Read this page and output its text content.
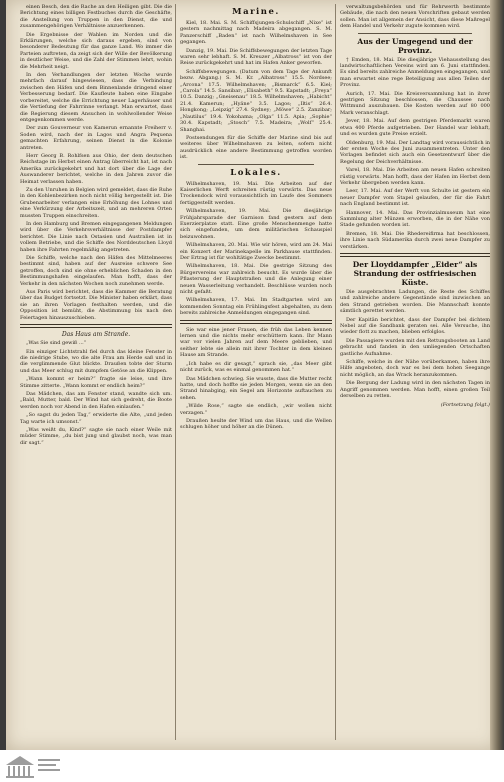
einen Besch, den die Rache an den Heiligen gibt. Die die Berichtung eines billigen Festbuches durch die Geschäfte, die Anstellung von Truppen in den Dienst, die und zusammengehörigen Verhältnisse anzuerkennen.

Die Ergebnisse der Wahlen im Norden und die Erklärungen, welche sich daraus ergeben, sind von besonderer Bedeutung für das ganze Land. Wo immer die Parteien auftreten, da zeigt sich der Wille der Bevölkerung in deutlicher Weise, und die Zahl der Stimmen lehrt, wohin die Mehrheit neigt.

In den Verhandlungen der letzten Woche wurde mehrfach darauf hingewiesen, dass die Verbindung zwischen den Häfen und dem Binnenlande dringend einer Verbesserung bedarf. Die Kaufleute haben eine Eingabe vorbereitet, welche die Errichtung neuer Lagerhäuser und die Vertiefung der Fahrrinne verlangt. Man erwartet, dass die Regierung diesem Ansuchen in wohlwollender Weise entgegenkommen werde.

Der zum Gouverneur von Kamerun ernannte Freiherr v. Soden wird, nach der in Lagos und Angra Pequena gemachten Erfahrung, seinen Dienst in die Kolonie antreten.

Herr Georg B. Rohlfsen aus Ohio, der dem deutschen Reichstage im Herbst einen Antrag überreicht hat, ist nach Amerika zurückgekehrt und hat dort über die Lage der Auswanderer berichtet, welche in den Jahren zuvor die Heimat verlassen haben.

Zu den Unruhen in Belgien wird gemeldet, dass die Ruhe in den Kohlenbezirken noch nicht völlig hergestellt ist. Die Grubenarbeiter verlangen eine Erhöhung des Lohnes und eine Verkürzung der Arbeitszeit, und an mehreren Orten mussten Truppen einschreiten.

In den Hamburg und Bremen eingegangenen Meldungen wird über die Verkehrsverhältnisse der Postdampfer berichtet. Die Linie nach Ostasien und Australien ist in vollem Betriebe, und die Schiffe des Norddeutschen Lloyd haben ihre Fahrten regelmäßig angetreten.

Die Schiffe, welche nach den Häfen des Mittelmeeres bestimmt sind, haben auf der Ausreise schwere See getroffen, doch sind sie ohne erheblichen Schaden in den Bestimmungshafen eingelaufen. Man hofft, dass der Verkehr in den nächsten Wochen noch zunehmen werde.

Aus Paris wird berichtet, dass die Kammer die Beratung über das Budget fortsetzt. Die Minister haben erklärt, dass sie an ihren Vorlagen festhalten werden, und die Opposition ist bemüht, die Abstimmung bis nach den Feiertagen hinauszuschieben.

Das Haus am Strande.

„Was Sie sind gewiß ...“

Ein einziger Lichtstrahl fiel durch das kleine Fenster in die niedrige Stube, wo die alte Frau am Herde saß und in die verglimmende Glut blickte. Draußen tobte der Sturm und das Meer schlug mit dumpfem Getöse an die Klippen.

„Wann kommt er heim?“ fragte sie leise, und ihre Stimme zitterte. „Wann kommt er endlich heim?“

Das Mädchen, das am Fenster stand, wandte sich um. „Bald, Mutter, bald. Der Wind hat sich gedreht, die Boote werden noch vor Abend in den Hafen einlaufen.“

„So sagst du jeden Tag,“ erwiderte die Alte, „und jeden Tag warte ich umsonst.“

„Was weißt du, Kind?“ sagte sie nach einer Weile mit müder Stimme, „du bist jung und glaubst noch, was man dir sagt.“

Marine.

Kiel, 18. Mai. S. M. Schiffsjungen-Schulschiff „Nixe“ ist gestern nachmittag nach Madeira abgegangen. S. M. Panzerschiff „Baden“ ist nach Wilhelmshaven in See gegangen.

Danzig, 19. Mai. Die Schiffsbewegungen der letzten Tage waren sehr lebhaft. S. M. Kreuzer „Albatross“ ist von der Reise zurückgekehrt und hat im Hafen Anker geworfen.

Schiffsbewegungen. (Datum von dem Tage der Ankunft bezw. Abgang.) S. M. Kr. „Albatross“ 15.5. Nordsee; „Arcona“ 17.5. Wilhelmshaven; „Bismarck“ 6.5. Kiel; „Carola“ 14.5. Sansibar; „Elisabeth“ 9.5. Kapstadt; „Freya“ 10.5. Danzig; „Gneisenau“ 18.5. Wilhelmshaven; „Habicht“ 21.4. Kamerun; „Hyäne“ 3.5. Lagos; „Iltis“ 26.4. Hongkong; „Leipzig“ 27.4. Sydney; „Möwe“ 2.5. Zanzibar; „Nautilus“ 19.4. Yokohama; „Olga“ 11.5. Apia; „Sophie“ 30.4. Kapstadt; „Stosch“ 7.5. Madeira; „Wolf“ 25.4. Shanghai.

Postsendungen für die Schiffe der Marine sind bis auf weiteres über Wilhelmshaven zu leiten, sofern nicht ausdrücklich eine andere Bestimmung getroffen worden ist.

Lokales.

Wilhelmshaven, 19. Mai. Die Arbeiten auf der Kaiserlichen Werft schreiten rüstig vorwärts. Das neue Trockendock wird voraussichtlich im Laufe des Sommers fertiggestellt werden.

Wilhelmshaven, 19. Mai. Die diesjährige Frühjahrsparade der Garnison fand gestern auf dem Exerzierplatze statt. Eine große Menschenmenge hatte sich eingefunden, um dem militärischen Schauspiel beizuwohnen.

Wilhelmshaven, 20. Mai. Wie wir hören, wird am 24. Mai ein Konzert der Marinekapelle im Parkhause stattfinden. Der Ertrag ist für wohltätige Zwecke bestimmt.

Wilhelmshaven, 18. Mai. Die gestrige Sitzung des Bürgervereins war zahlreich besucht. Es wurde über die Pflasterung der Hauptstraßen und die Anlegung einer neuen Wasserleitung verhandelt. Beschlüsse wurden noch nicht gefaßt.

Wilhelmshaven, 17. Mai. Im Stadtgarten wird am kommenden Sonntag ein Frühlingsfest abgehalten, zu dem bereits zahlreiche Anmeldungen eingegangen sind.

Sie war eine jener Frauen, die früh das Leben kennen lernen und die nichts mehr erschüttern kann. Ihr Mann war vor vielen Jahren auf dem Meere geblieben, und seither lebte sie allein mit ihrer Tochter in dem kleinen Hause am Strande.

„Ich habe es dir gesagt,“ sprach sie, „das Meer gibt nicht zurück, was es einmal genommen hat.“

Das Mädchen schwieg. Sie wusste, dass die Mutter recht hatte, und doch hoffte sie jeden Morgen, wenn sie an den Strand hinabging, ein Segel am Horizonte auftauchen zu sehen.

„Wilde Rose,“ sagte sie endlich, „wir wollen nicht verzagen.“

Draußen heulte der Wind um das Haus, und die Wellen schlugen höher und höher an die Dünen.

verwaltungsbehörden und für Rehrwerth bestimmte Gebäude, die nach den neuen Vorschriften gebaut werden sollen. Man ist allgemein der Ansicht, dass diese Maßregel dem Handel und Verkehr zugute kommen wird.

Aus der Umgegend und der Provinz.

† Emden, 18. Mai. Die diesjährige Viehausstellung des landwirtschaftlichen Vereins wird am 6. Juni stattfinden. Es sind bereits zahlreiche Anmeldungen eingegangen, und man erwartet eine rege Beteiligung aus allen Teilen der Provinz.

Aurich, 17. Mai. Die Kreisversammlung hat in ihrer gestrigen Sitzung beschlossen, die Chaussee nach Wittmund auszubauen. Die Kosten werden auf 80 000 Mark veranschlagt.

Jever, 18. Mai. Auf dem gestrigen Pferdemarkt waren etwa 400 Pferde aufgetrieben. Der Handel war lebhaft, und es wurden gute Preise erzielt.

Oldenburg, 19. Mai. Der Landtag wird voraussichtlich in der ersten Woche des Juni zusammentreten. Unter den Vorlagen befindet sich auch ein Gesetzentwurf über die Regelung der Deichverhältnisse.

Varel, 18. Mai. Die Arbeiten am neuen Hafen schreiten rüstig vorwärts. Man hofft, dass der Hafen im Herbst dem Verkehr übergeben werden kann.

Leer, 17. Mai. Auf der Werft von Schulte ist gestern ein neuer Dampfer vom Stapel gelaufen, der für die Fahrt nach England bestimmt ist.

Hannover, 14. Mai. Das Provinzialmuseum hat eine Sammlung alter Münzen erworben, die in der Nähe von Stade gefunden worden ist.

Bremen, 18. Mai. Die Rhedereifirma hat beschlossen, ihre Linie nach Südamerika durch zwei neue Dampfer zu verstärken.

Der Lloyddampfer „Eider“ als Strandung der ostfriesischen Küste.

Die ausgebrachten Ladungen, die Reste des Schiffes und zahlreiche andere Gegenstände sind inzwischen an den Strand getrieben worden. Die Mannschaft konnte sämtlich gerettet werden.

Der Kapitän berichtet, dass der Dampfer bei dichtem Nebel auf die Sandbank geraten sei. Alle Versuche, ihn wieder flott zu machen, blieben erfolglos.

Die Passagiere wurden mit den Rettungsbooten an Land gebracht und fanden in den umliegenden Ortschaften gastliche Aufnahme.

Schiffe, welche in der Nähe vorüberkamen, haben ihre Hilfe angeboten, doch war es bei dem hohen Seegange nicht möglich, an das Wrack heranzukommen.

Die Bergung der Ladung wird in den nächsten Tagen in Angriff genommen werden. Man hofft, einen großen Teil derselben zu retten.

(Fortsetzung folgt.)
